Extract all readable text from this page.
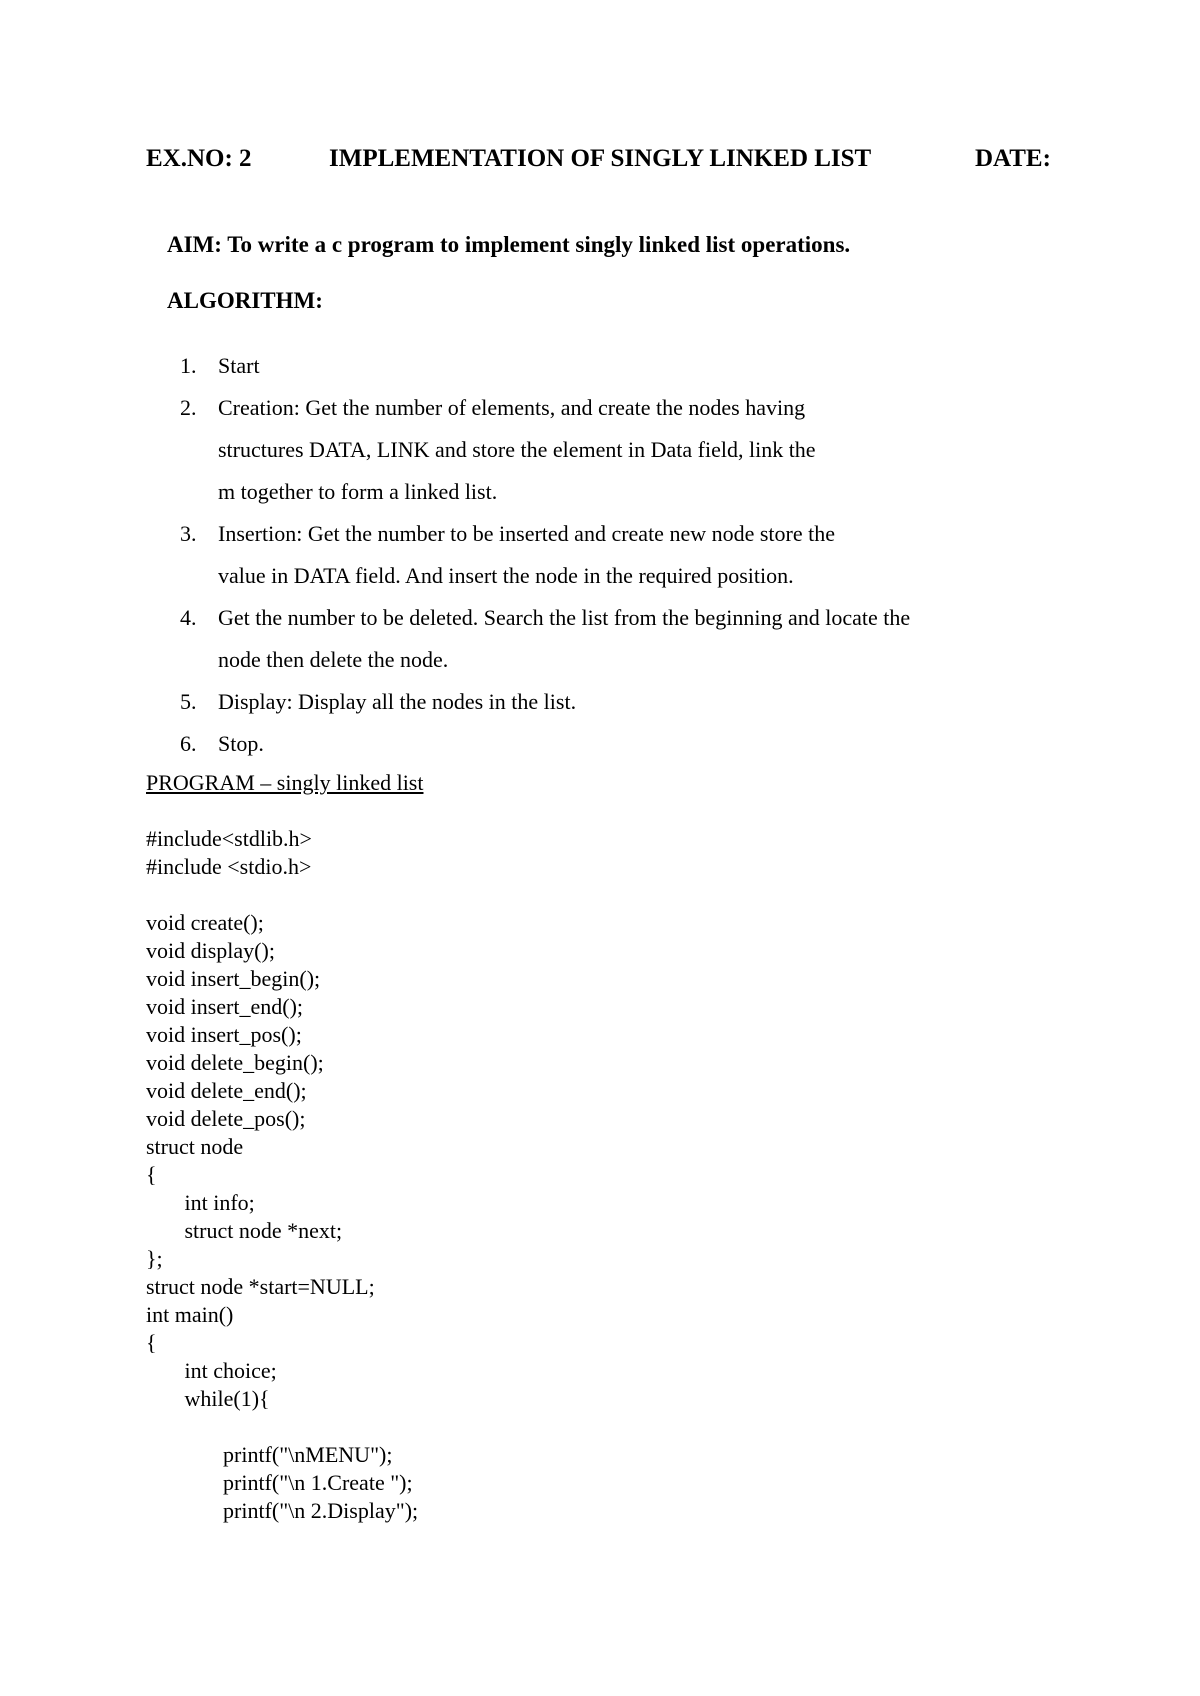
EX.NO: 2	IMPLEMENTATION OF SINGLY LINKED LIST	DATE:
AIM: To write a c program to implement singly linked list operations.
ALGORITHM:
1. Start
2. Creation: Get the number of elements, and create the nodes having
structures DATA, LINK and store the element in Data field, link the
m together to form a linked list.
3. Insertion: Get the number to be inserted and create new node store the
value in DATA field. And insert the node in the required position.
4. Get the number to be deleted. Search the list from the beginning and locate the
node then delete the node.
5. Display: Display all the nodes in the list.
6. Stop.
PROGRAM – singly linked list
#include<stdlib.h>
#include <stdio.h>
void create();
void display();
void insert_begin();
void insert_end();
void insert_pos();
void delete_begin();
void delete_end();
void delete_pos();
struct node
{
int info;
struct node *next;
};
struct node *start=NULL;
int main()
{
int choice;
while(1){
printf("\nMENU");
printf("\n 1.Create ");
printf("\n 2.Display");
